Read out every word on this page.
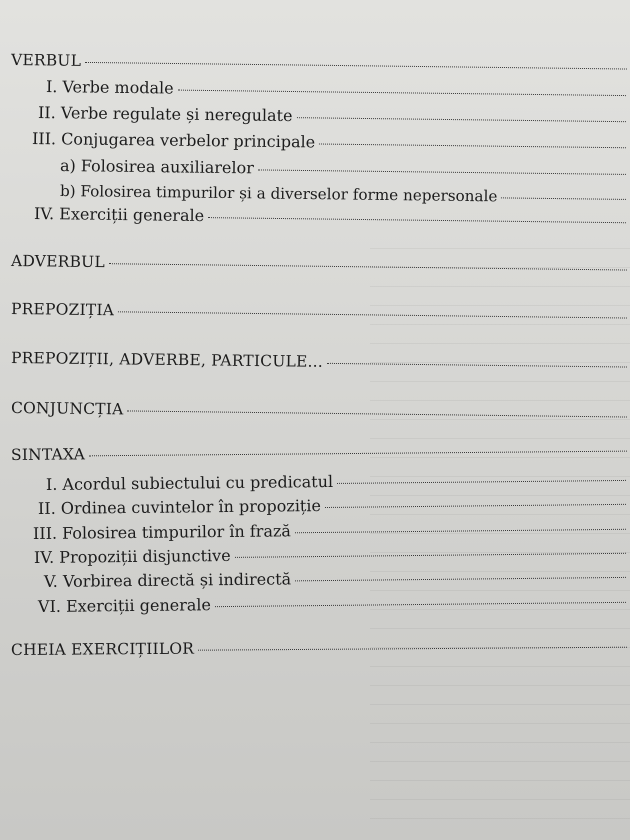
VERBUL
I. Verbe modale
II. Verbe regulate și neregulate
III. Conjugarea verbelor principale
a) Folosirea auxiliarelor
b) Folosirea timpurilor și a diverselor forme nepersonale
IV. Exerciții generale
ADVERBUL
PREPOZIȚIA
PREPOZIȚII, ADVERBE, PARTICULE...
CONJUNCȚIA
SINTAXA
I. Acordul subiectului cu predicatul
II. Ordinea cuvintelor în propoziție
III. Folosirea timpurilor în frază
IV. Propoziții disjunctive
V. Vorbirea directă și indirectă
VI. Exerciții generale
CHEIA EXERCIȚIILOR
